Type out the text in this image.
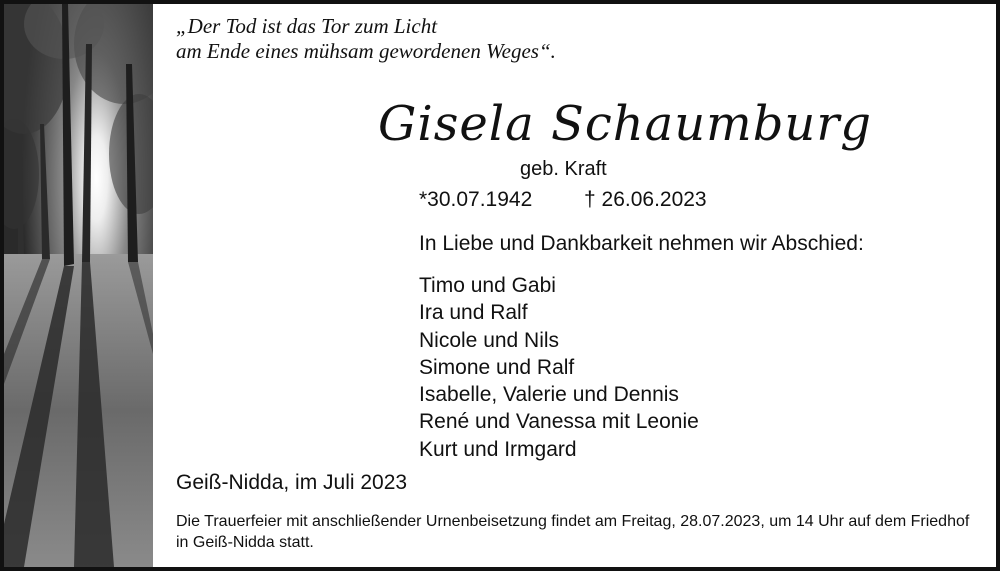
„Der Tod ist das Tor zum Licht
am Ende eines mühsam gewordenen Weges“.
Gisela Schaumburg
geb. Kraft
*30.07.1942 † 26.06.2023
In Liebe und Dankbarkeit nehmen wir Abschied:
Timo und Gabi
Ira und Ralf
Nicole und Nils
Simone und Ralf
Isabelle, Valerie und Dennis
René und Vanessa mit Leonie
Kurt und Irmgard
Geiß-Nidda, im Juli 2023
Die Trauerfeier mit anschließender Urnenbeisetzung findet am Freitag, 28.07.2023, um 14 Uhr auf dem Friedhof in Geiß-Nidda statt.
